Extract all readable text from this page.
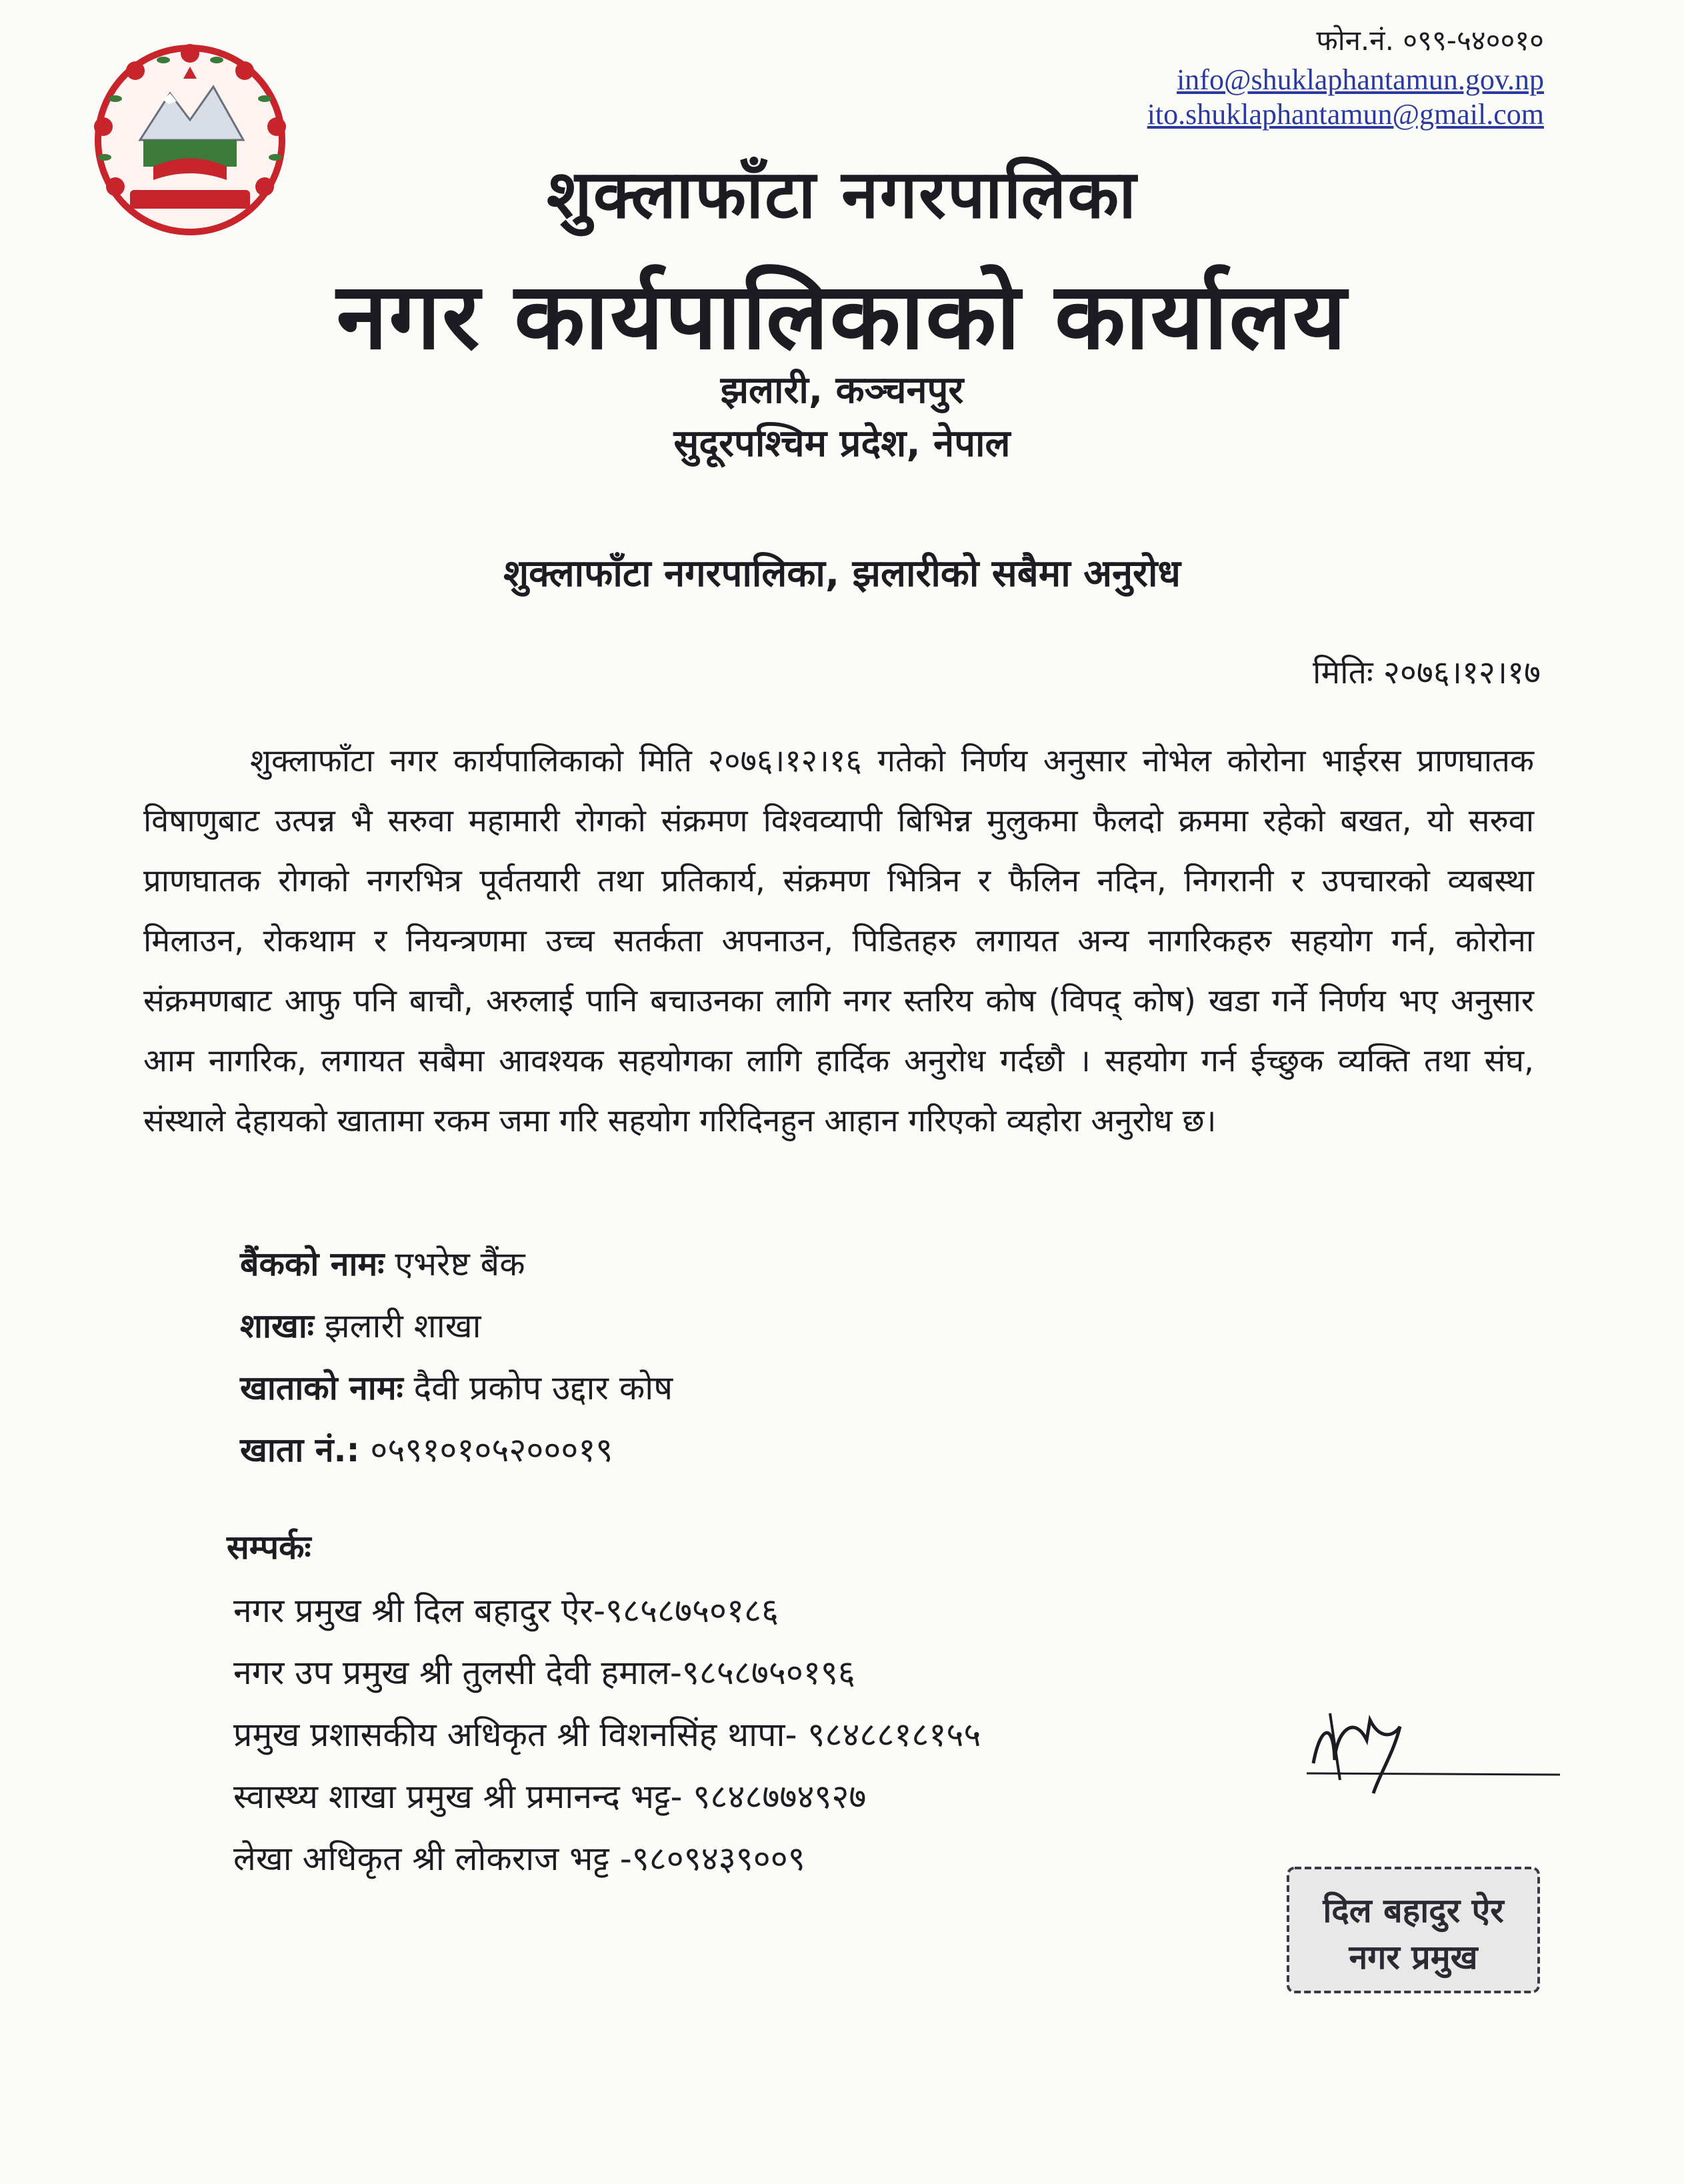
फोन.नं. ०९९-५४००१०
info@shuklaphantamun.gov.np
ito.shuklaphantamun@gmail.com
शुक्लाफाँटा नगरपालिका
नगर कार्यपालिकाको कार्यालय
झलारी, कञ्चनपुर
सुदूरपश्चिम प्रदेश, नेपाल
शुक्लाफाँटा नगरपालिका, झलारीको सबैमा अनुरोध
मितिः २०७६।१२।१७

शुक्लाफाँटा नगर कार्यपालिकाको मिति २०७६।१२।१६ गतेको निर्णय अनुसार नोभेल कोरोना भाईरस प्राणघातक विषाणुबाट उत्पन्न भै सरुवा महामारी रोगको संक्रमण विश्वव्यापी बिभिन्न मुलुकमा फैलदो क्रममा रहेको बखत, यो सरुवा प्राणघातक रोगको नगरभित्र पूर्वतयारी तथा प्रतिकार्य, संक्रमण भित्रिन र फैलिन नदिन, निगरानी र उपचारको व्यबस्था मिलाउन, रोकथाम र नियन्त्रणमा उच्च सतर्कता अपनाउन, पिडितहरु लगायत अन्य नागरिकहरु सहयोग गर्न, कोरोना संक्रमणबाट आफु पनि बाचौ, अरुलाई पानि बचाउनका लागि नगर स्तरिय कोष (विपद् कोष) खडा गर्ने निर्णय भए अनुसार आम नागरिक, लगायत सबैमा आवश्यक सहयोगका लागि हार्दिक अनुरोध गर्दछौ । सहयोग गर्न ईच्छुक व्यक्ति तथा संघ, संस्थाले देहायको खातामा रकम जमा गरि सहयोग गरिदिनहुन आहान गरिएको व्यहोरा अनुरोध छ।

बैंकको नामः एभरेष्ट बैंक
शाखाः झलारी शाखा
खाताको नामः दैवी प्रकोप उद्दार कोष
खाता नं.: ०५९१०१०५२०००१९
सम्पर्कः
नगर प्रमुख श्री दिल बहादुर ऐर-९८५८७५०१८६
नगर उप प्रमुख श्री तुलसी देवी हमाल-९८५८७५०१९६
प्रमुख प्रशासकीय अधिकृत श्री विशनसिंह थापा- ९८४८८१८१५५
स्वास्थ्य शाखा प्रमुख श्री प्रमानन्द भट्ट- ९८४८७७४९२७
लेखा अधिकृत श्री लोकराज भट्ट -९८०९४३९००९
दिल बहादुर ऐर
नगर प्रमुख
